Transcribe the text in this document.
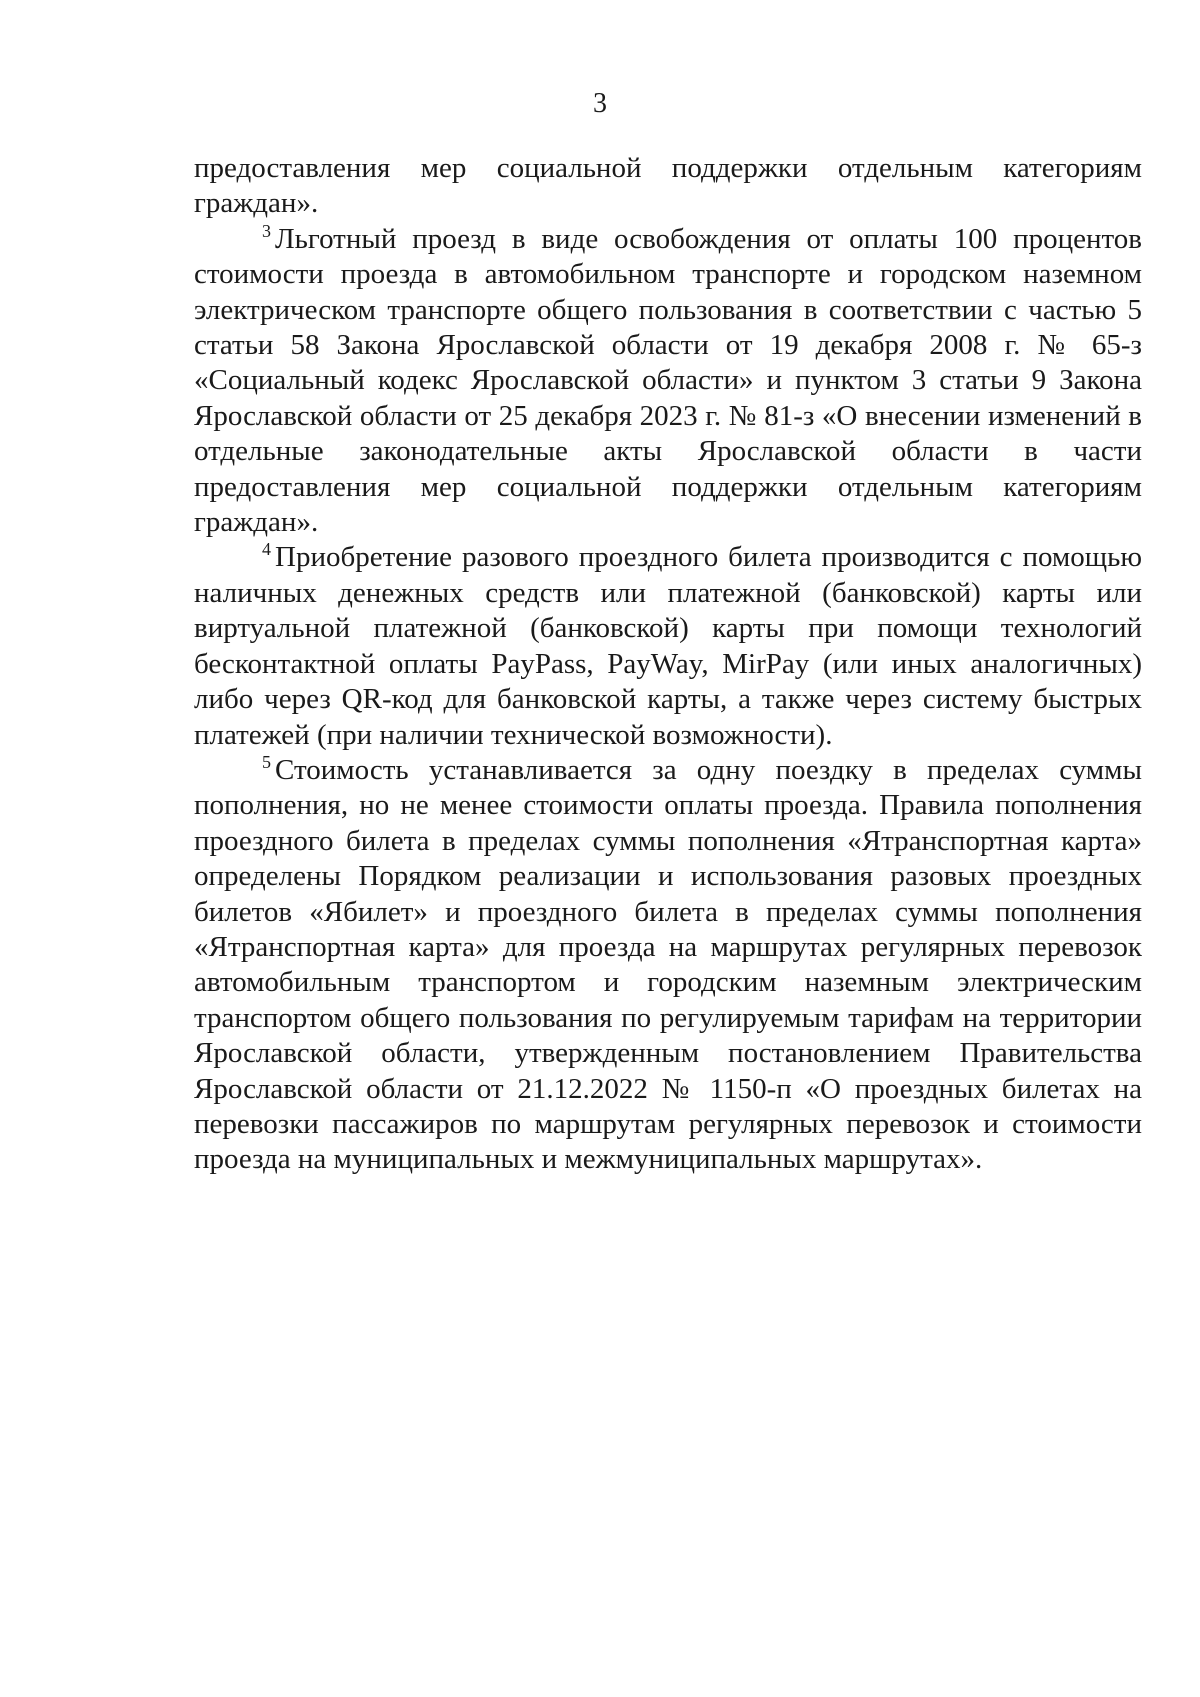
3

предоставления мер социальной поддержки отдельным категориям граждан».

$^3$ Льготный проезд в виде освобождения от оплаты 100 процентов стоимости проезда в автомобильном транспорте и городском наземном электрическом транспорте общего пользования в соответствии с частью 5 статьи 58 Закона Ярославской области от 19 декабря 2008 г. № 65-з «Социальный кодекс Ярославской области» и пунктом 3 статьи 9 Закона Ярославской области от 25 декабря 2023 г. № 81-з «О внесении изменений в отдельные законодательные акты Ярославской области в части предоставления мер социальной поддержки отдельным категориям граждан».

$^4$ Приобретение разового проездного билета производится с помощью наличных денежных средств или платежной (банковской) карты или виртуальной платежной (банковской) карты при помощи технологий бесконтактной оплаты PayPass, PayWay, MirPay (или иных аналогичных) либо через QR-код для банковской карты, а также через систему быстрых платежей (при наличии технической возможности).

$^5$ Стоимость устанавливается за одну поездку в пределах суммы пополнения, но не менее стоимости оплаты проезда. Правила пополнения проездного билета в пределах суммы пополнения «Ятранспортная карта» определены Порядком реализации и использования разовых проездных билетов «Ябилет» и проездного билета в пределах суммы пополнения «Ятранспортная карта» для проезда на маршрутах регулярных перевозок автомобильным транспортом и городским наземным электрическим транспортом общего пользования по регулируемым тарифам на территории Ярославской области, утвержденным постановлением Правительства Ярославской области от 21.12.2022 № 1150-п «О проездных билетах на перевозки пассажиров по маршрутам регулярных перевозок и стоимости проезда на муниципальных и межмуниципальных маршрутах».
